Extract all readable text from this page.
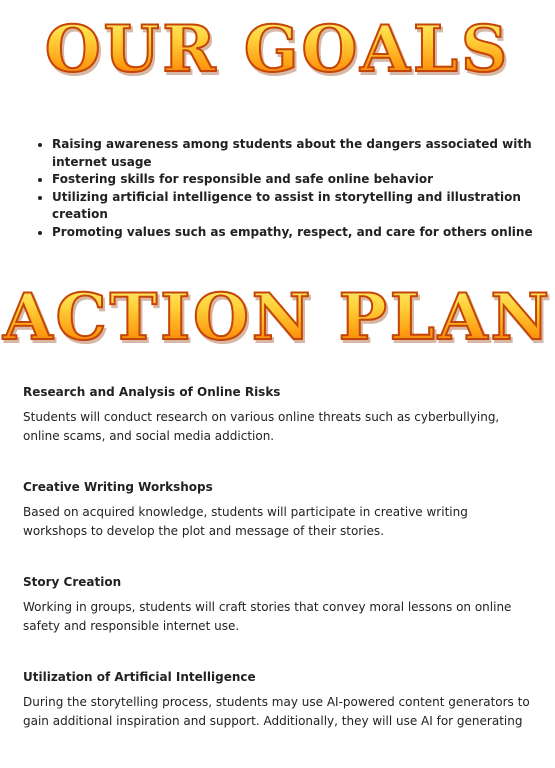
OUR GOALS
• Raising awareness among students about the dangers associated with internet usage
• Fostering skills for responsible and safe online behavior
• Utilizing artificial intelligence to assist in storytelling and illustration creation
• Promoting values such as empathy, respect, and care for others online
ACTION PLAN
Research and Analysis of Online Risks

Students will conduct research on various online threats such as cyberbullying, online scams, and social media addiction.

Creative Writing Workshops

Based on acquired knowledge, students will participate in creative writing workshops to develop the plot and message of their stories.

Story Creation

Working in groups, students will craft stories that convey moral lessons on online safety and responsible internet use.

Utilization of Artificial Intelligence

During the storytelling process, students may use AI-powered content generators to gain additional inspiration and support. Additionally, they will use AI for generating
